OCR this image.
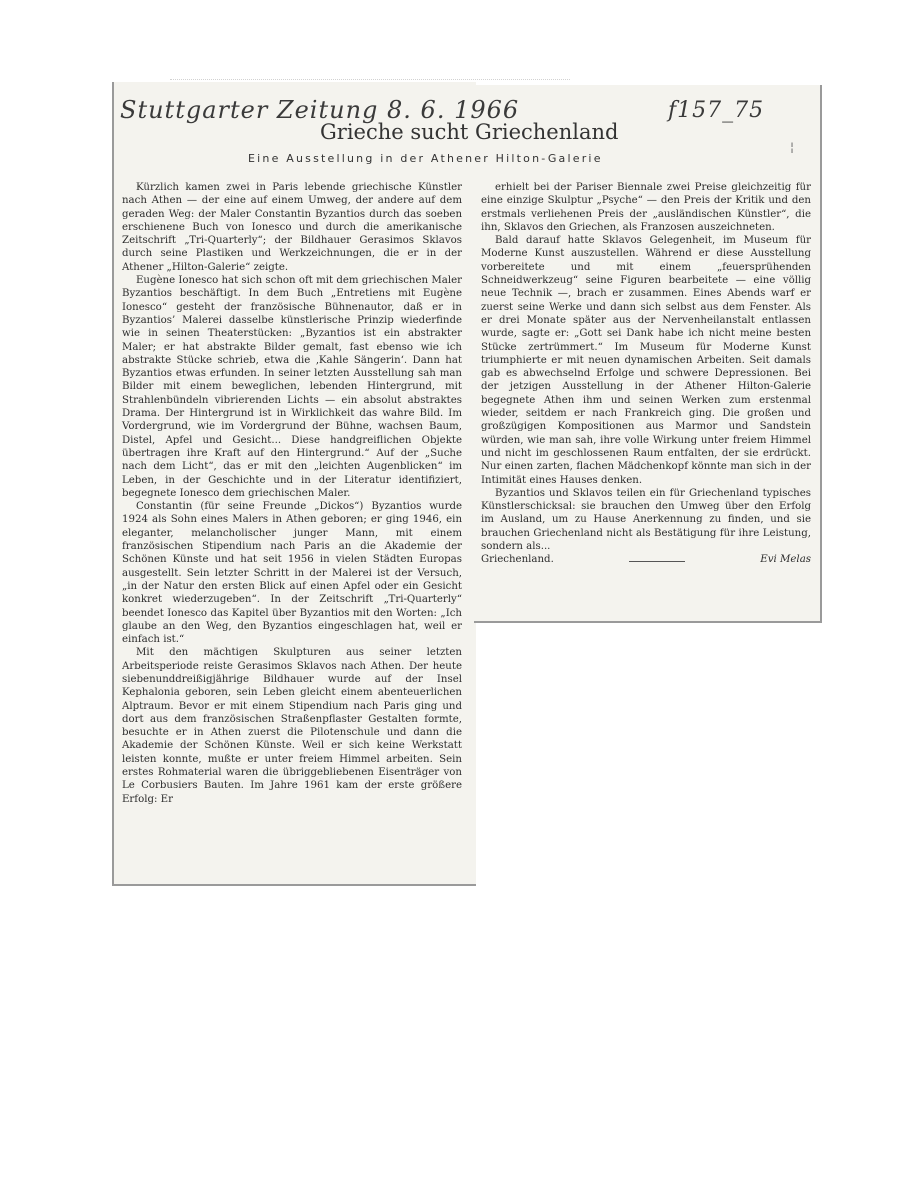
Stuttgarter Zeitung 8. 6. 1966	f157_75
Grieche sucht Griechenland
Eine Ausstellung in der Athener Hilton-Galerie
¦

Kürzlich kamen zwei in Paris lebende griechische Künstler nach Athen — der eine auf einem Umweg, der andere auf dem geraden Weg: der Maler Constantin Byzantios durch das soeben erschienene Buch von Ionesco und durch die amerikanische Zeitschrift „Tri-Quarterly“; der Bildhauer Gerasimos Sklavos durch seine Plastiken und Werkzeichnungen, die er in der Athener „Hilton-Galerie“ zeigte.

Eugène Ionesco hat sich schon oft mit dem griechischen Maler Byzantios beschäftigt. In dem Buch „Entretiens mit Eugène Ionesco“ gesteht der französische Bühnenautor, daß er in Byzantios’ Malerei dasselbe künstlerische Prinzip wiederfinde wie in seinen Theaterstücken: „Byzantios ist ein abstrakter Maler; er hat abstrakte Bilder gemalt, fast ebenso wie ich abstrakte Stücke schrieb, etwa die ‚Kahle Sängerin‘. Dann hat Byzantios etwas erfunden. In seiner letzten Ausstellung sah man Bilder mit einem beweglichen, lebenden Hintergrund, mit Strahlenbündeln vibrierenden Lichts — ein absolut abstraktes Drama. Der Hintergrund ist in Wirklichkeit das wahre Bild. Im Vordergrund, wie im Vordergrund der Bühne, wachsen Baum, Distel, Apfel und Gesicht... Diese handgreiflichen Objekte übertragen ihre Kraft auf den Hintergrund.“ Auf der „Suche nach dem Licht“, das er mit den „leichten Augenblicken“ im Leben, in der Geschichte und in der Literatur identifiziert, begegnete Ionesco dem griechischen Maler.

Constantin (für seine Freunde „Dickos“) Byzantios wurde 1924 als Sohn eines Malers in Athen geboren; er ging 1946, ein eleganter, melancholischer junger Mann, mit einem französischen Stipendium nach Paris an die Akademie der Schönen Künste und hat seit 1956 in vielen Städten Europas ausgestellt. Sein letzter Schritt in der Malerei ist der Versuch, „in der Natur den ersten Blick auf einen Apfel oder ein Gesicht konkret wiederzugeben“. In der Zeitschrift „Tri-Quarterly“ beendet Ionesco das Kapitel über Byzantios mit den Worten: „Ich glaube an den Weg, den Byzantios eingeschlagen hat, weil er einfach ist.“

Mit den mächtigen Skulpturen aus seiner letzten Arbeitsperiode reiste Gerasimos Sklavos nach Athen. Der heute siebenunddreißigjährige Bildhauer wurde auf der Insel Kephalonia geboren, sein Leben gleicht einem abenteuerlichen Alptraum. Bevor er mit einem Stipendium nach Paris ging und dort aus dem französischen Straßenpflaster Gestalten formte, besuchte er in Athen zuerst die Pilotenschule und dann die Akademie der Schönen Künste. Weil er sich keine Werkstatt leisten konnte, mußte er unter freiem Himmel arbeiten. Sein erstes Rohmaterial waren die übriggebliebenen Eisenträger von Le Corbusiers Bauten. Im Jahre 1961 kam der erste größere Erfolg: Er

erhielt bei der Pariser Biennale zwei Preise gleichzeitig für eine einzige Skulptur „Psyche“ — den Preis der Kritik und den erstmals verliehenen Preis der „ausländischen Künstler“, die ihn, Sklavos den Griechen, als Franzosen auszeichneten.

Bald darauf hatte Sklavos Gelegenheit, im Museum für Moderne Kunst auszustellen. Während er diese Ausstellung vorbereitete und mit einem „feuersprühenden Schneidwerkzeug“ seine Figuren bearbeitete — eine völlig neue Technik —, brach er zusammen. Eines Abends warf er zuerst seine Werke und dann sich selbst aus dem Fenster. Als er drei Monate später aus der Nervenheilanstalt entlassen wurde, sagte er: „Gott sei Dank habe ich nicht meine besten Stücke zertrümmert.“ Im Museum für Moderne Kunst triumphierte er mit neuen dynamischen Arbeiten. Seit damals gab es abwechselnd Erfolge und schwere Depressionen. Bei der jetzigen Ausstellung in der Athener Hilton-Galerie begegnete Athen ihm und seinen Werken zum erstenmal wieder, seitdem er nach Frankreich ging. Die großen und großzügigen Kompositionen aus Marmor und Sandstein würden, wie man sah, ihre volle Wirkung unter freiem Himmel und nicht im geschlossenen Raum entfalten, der sie erdrückt. Nur einen zarten, flachen Mädchenkopf könnte man sich in der Intimität eines Hauses denken.

Byzantios und Sklavos teilen ein für Griechenland typisches Künstlerschicksal: sie brauchen den Umweg über den Erfolg im Ausland, um zu Hause Anerkennung zu finden, und sie brauchen Griechenland nicht als Bestätigung für ihre Leistung, sondern als...

Griechenland.	Evi Melas
